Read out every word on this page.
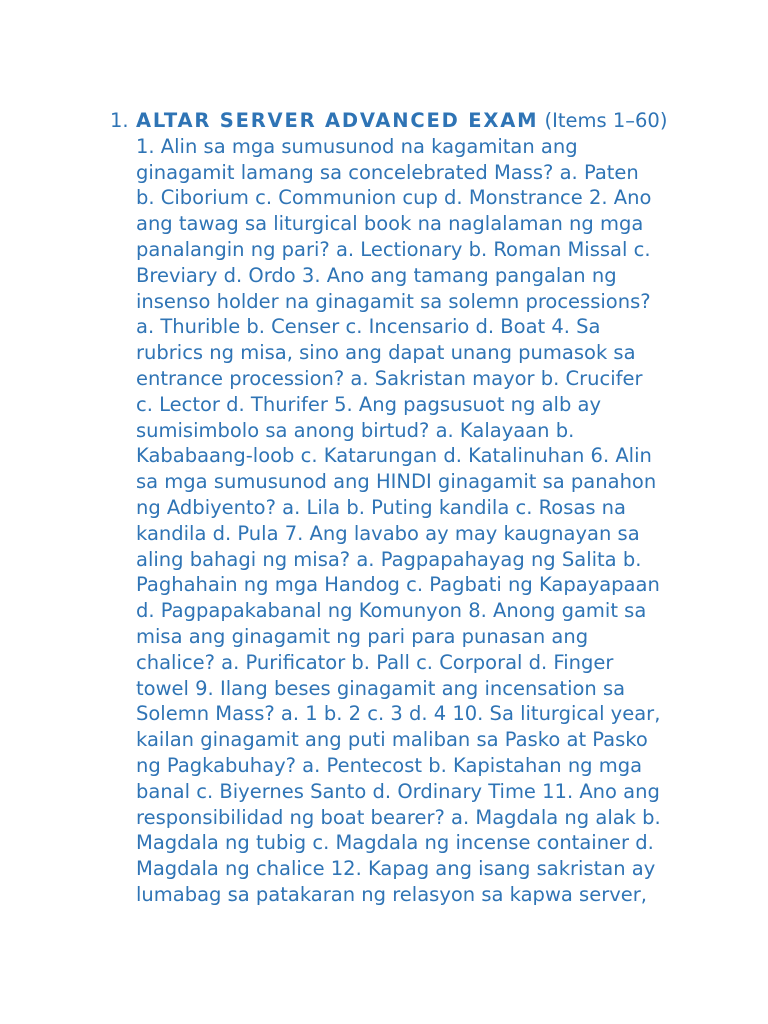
1. ALTAR SERVER ADVANCED EXAM (Items 1–60)
1. Alin sa mga sumusunod na kagamitan ang
ginagamit lamang sa concelebrated Mass? a. Paten
b. Ciborium c. Communion cup d. Monstrance 2. Ano
ang tawag sa liturgical book na naglalaman ng mga
panalangin ng pari? a. Lectionary b. Roman Missal c.
Breviary d. Ordo 3. Ano ang tamang pangalan ng
insenso holder na ginagamit sa solemn processions?
a. Thurible b. Censer c. Incensario d. Boat 4. Sa
rubrics ng misa, sino ang dapat unang pumasok sa
entrance procession? a. Sakristan mayor b. Crucifer
c. Lector d. Thurifer 5. Ang pagsusuot ng alb ay
sumisimbolo sa anong birtud? a. Kalayaan b.
Kababaang-loob c. Katarungan d. Katalinuhan 6. Alin
sa mga sumusunod ang HINDI ginagamit sa panahon
ng Adbiyento? a. Lila b. Puting kandila c. Rosas na
kandila d. Pula 7. Ang lavabo ay may kaugnayan sa
aling bahagi ng misa? a. Pagpapahayag ng Salita b.
Paghahain ng mga Handog c. Pagbati ng Kapayapaan
d. Pagpapakabanal ng Komunyon 8. Anong gamit sa
misa ang ginagamit ng pari para punasan ang
chalice? a. Purificator b. Pall c. Corporal d. Finger
towel 9. Ilang beses ginagamit ang incensation sa
Solemn Mass? a. 1 b. 2 c. 3 d. 4 10. Sa liturgical year,
kailan ginagamit ang puti maliban sa Pasko at Pasko
ng Pagkabuhay? a. Pentecost b. Kapistahan ng mga
banal c. Biyernes Santo d. Ordinary Time 11. Ano ang
responsibilidad ng boat bearer? a. Magdala ng alak b.
Magdala ng tubig c. Magdala ng incense container d.
Magdala ng chalice 12. Kapag ang isang sakristan ay
lumabag sa patakaran ng relasyon sa kapwa server,
